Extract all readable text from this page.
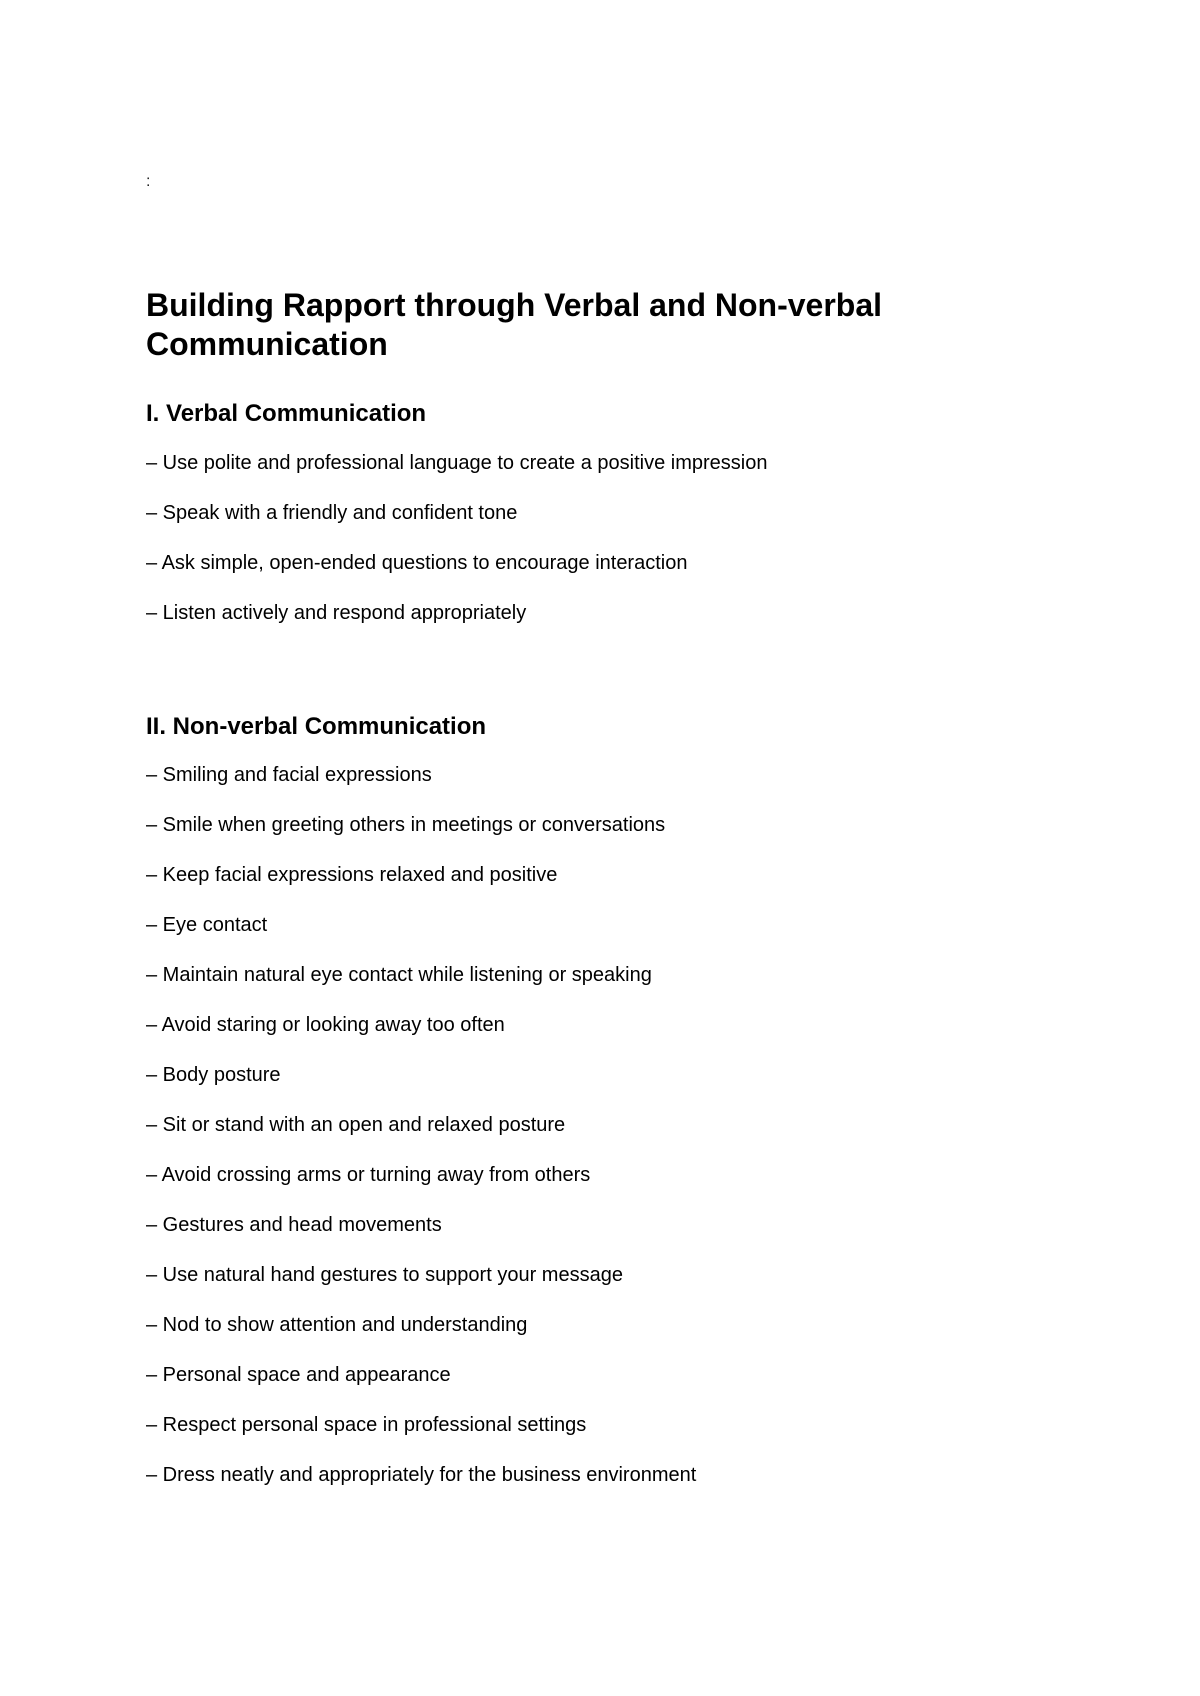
:
Building Rapport through Verbal and Non-verbal Communication
I. Verbal Communication

– Use polite and professional language to create a positive impression

– Speak with a friendly and confident tone

– Ask simple, open-ended questions to encourage interaction

– Listen actively and respond appropriately

II. Non-verbal Communication

– Smiling and facial expressions

– Smile when greeting others in meetings or conversations

– Keep facial expressions relaxed and positive

– Eye contact

– Maintain natural eye contact while listening or speaking

– Avoid staring or looking away too often

– Body posture

– Sit or stand with an open and relaxed posture

– Avoid crossing arms or turning away from others

– Gestures and head movements

– Use natural hand gestures to support your message

– Nod to show attention and understanding

– Personal space and appearance

– Respect personal space in professional settings

– Dress neatly and appropriately for the business environment
